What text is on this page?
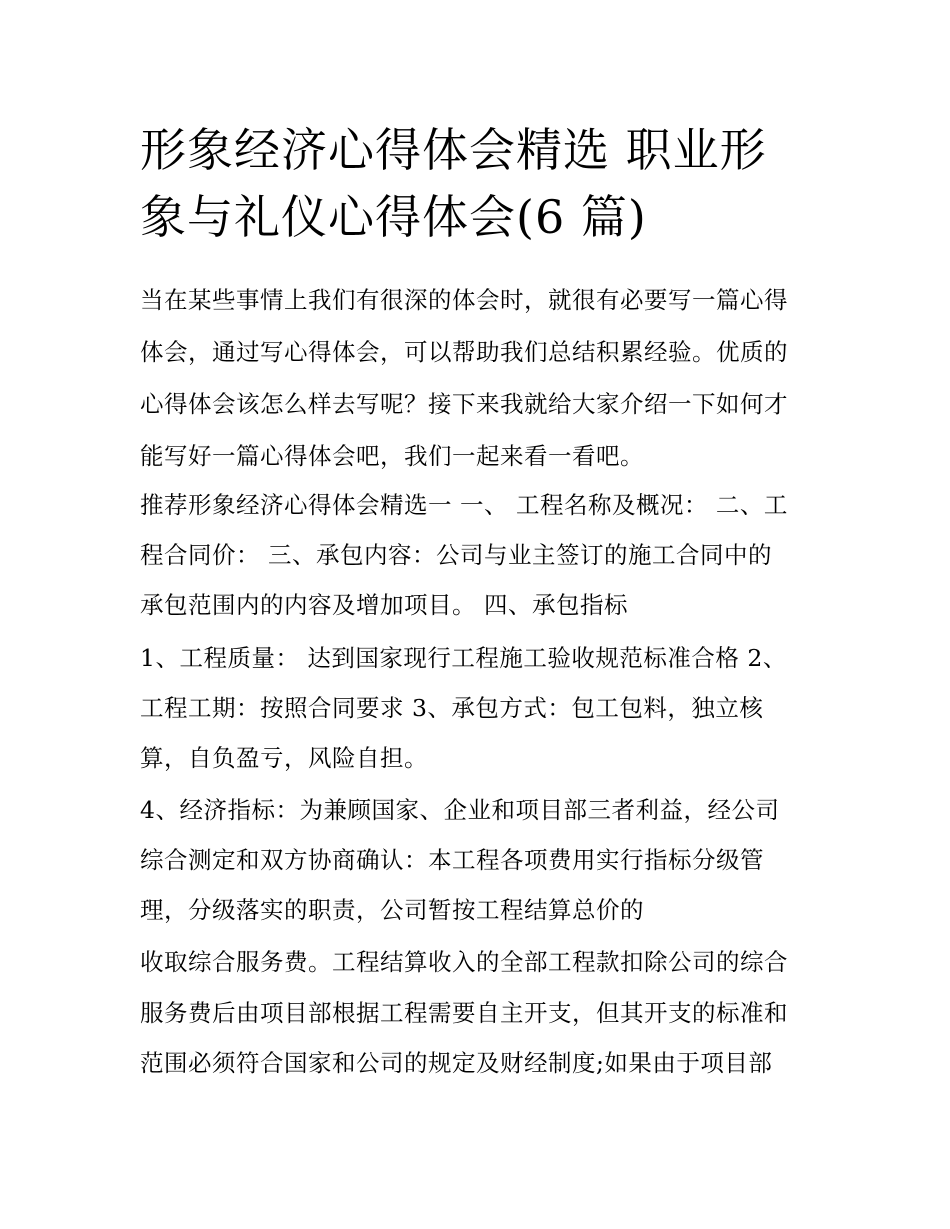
形象经济心得体会精选 职业形
象与礼仪心得体会(6 篇)

当在某些事情上我们有很深的体会时，就很有必要写一篇心得

体会，通过写心得体会，可以帮助我们总结积累经验。优质的

心得体会该怎么样去写呢？接下来我就给大家介绍一下如何才

能写好一篇心得体会吧，我们一起来看一看吧。

推荐形象经济心得体会精选一 一、 工程名称及概况： 二、工

程合同价： 三、承包内容：公司与业主签订的施工合同中的

承包范围内的内容及增加项目。 四、承包指标

1、工程质量： 达到国家现行工程施工验收规范标准合格 2、

工程工期：按照合同要求 3、承包方式：包工包料，独立核

算，自负盈亏，风险自担。

4、经济指标：为兼顾国家、企业和项目部三者利益，经公司

综合测定和双方协商确认：本工程各项费用实行指标分级管

理，分级落实的职责，公司暂按工程结算总价的

收取综合服务费。工程结算收入的全部工程款扣除公司的综合

服务费后由项目部根据工程需要自主开支，但其开支的标准和

范围必须符合国家和公司的规定及财经制度;如果由于项目部
